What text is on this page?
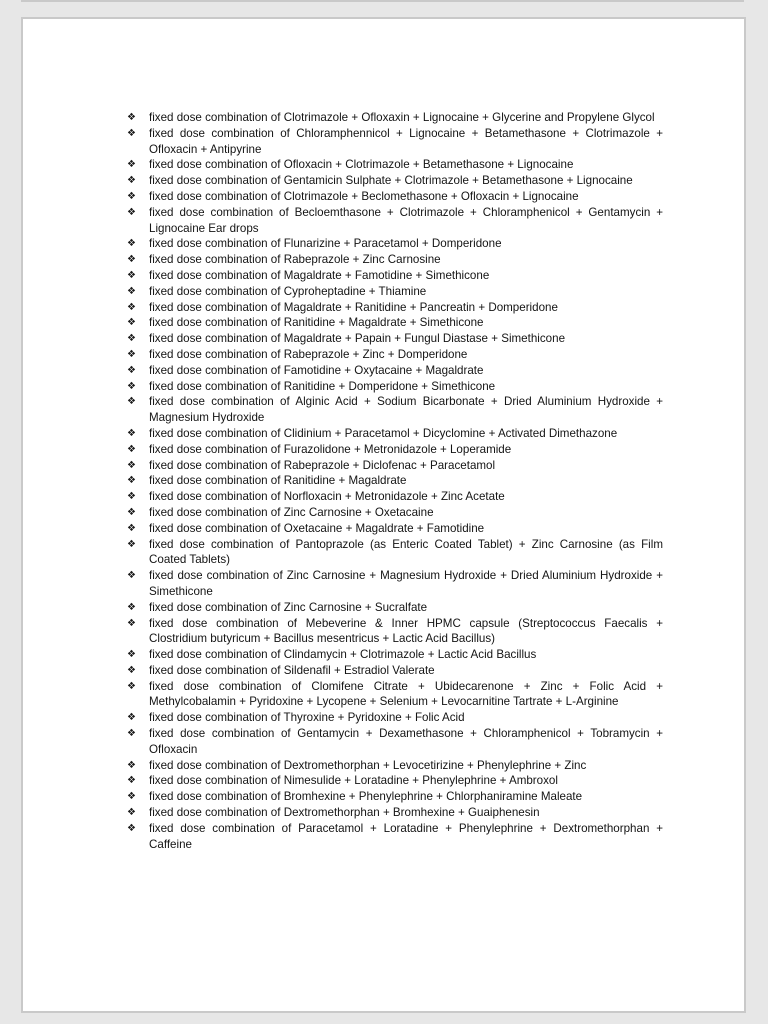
❖	fixed dose combination of Clotrimazole + Ofloxaxin + Lignocaine + Glycerine and Propylene Glycol
❖	fixed dose combination of Chloramphennicol + Lignocaine + Betamethasone + Clotrimazole + Ofloxacin + Antipyrine
❖	fixed dose combination of Ofloxacin + Clotrimazole + Betamethasone + Lignocaine
❖	fixed dose combination of Gentamicin Sulphate + Clotrimazole + Betamethasone + Lignocaine
❖	fixed dose combination of Clotrimazole + Beclomethasone + Ofloxacin + Lignocaine
❖	fixed dose combination of Becloemthasone + Clotrimazole + Chloramphenicol + Gentamycin + Lignocaine Ear drops
❖	fixed dose combination of Flunarizine + Paracetamol + Domperidone
❖	fixed dose combination of Rabeprazole + Zinc Carnosine
❖	fixed dose combination of Magaldrate + Famotidine + Simethicone
❖	fixed dose combination of Cyproheptadine + Thiamine
❖	fixed dose combination of Magaldrate + Ranitidine + Pancreatin + Domperidone
❖	fixed dose combination of Ranitidine + Magaldrate + Simethicone
❖	fixed dose combination of Magaldrate + Papain + Fungul Diastase + Simethicone
❖	fixed dose combination of Rabeprazole + Zinc + Domperidone
❖	fixed dose combination of Famotidine + Oxytacaine + Magaldrate
❖	fixed dose combination of Ranitidine + Domperidone + Simethicone
❖	fixed dose combination of Alginic Acid + Sodium Bicarbonate + Dried Aluminium Hydroxide + Magnesium Hydroxide
❖	fixed dose combination of Clidinium + Paracetamol + Dicyclomine + Activated Dimethazone
❖	fixed dose combination of Furazolidone + Metronidazole + Loperamide
❖	fixed dose combination of Rabeprazole + Diclofenac + Paracetamol
❖	fixed dose combination of Ranitidine + Magaldrate
❖	fixed dose combination of Norfloxacin + Metronidazole + Zinc Acetate
❖	fixed dose combination of Zinc Carnosine + Oxetacaine
❖	fixed dose combination of Oxetacaine + Magaldrate + Famotidine
❖	fixed dose combination of Pantoprazole (as Enteric Coated Tablet) + Zinc Carnosine (as Film Coated Tablets)
❖	fixed dose combination of Zinc Carnosine + Magnesium Hydroxide + Dried Aluminium Hydroxide + Simethicone
❖	fixed dose combination of Zinc Carnosine + Sucralfate
❖	fixed dose combination of Mebeverine & Inner HPMC capsule (Streptococcus Faecalis + Clostridium butyricum + Bacillus mesentricus + Lactic Acid Bacillus)
❖	fixed dose combination of Clindamycin + Clotrimazole + Lactic Acid Bacillus
❖	fixed dose combination of Sildenafil + Estradiol Valerate
❖	fixed dose combination of Clomifene Citrate + Ubidecarenone + Zinc + Folic Acid + Methylcobalamin + Pyridoxine + Lycopene + Selenium + Levocarnitine Tartrate + L-Arginine
❖	fixed dose combination of Thyroxine + Pyridoxine + Folic Acid
❖	fixed dose combination of Gentamycin + Dexamethasone + Chloramphenicol + Tobramycin + Ofloxacin
❖	fixed dose combination of Dextromethorphan + Levocetirizine + Phenylephrine + Zinc
❖	fixed dose combination of Nimesulide + Loratadine + Phenylephrine + Ambroxol
❖	fixed dose combination of Bromhexine + Phenylephrine + Chlorphaniramine Maleate
❖	fixed dose combination of Dextromethorphan + Bromhexine + Guaiphenesin
❖	fixed dose combination of Paracetamol + Loratadine + Phenylephrine + Dextromethorphan + Caffeine
